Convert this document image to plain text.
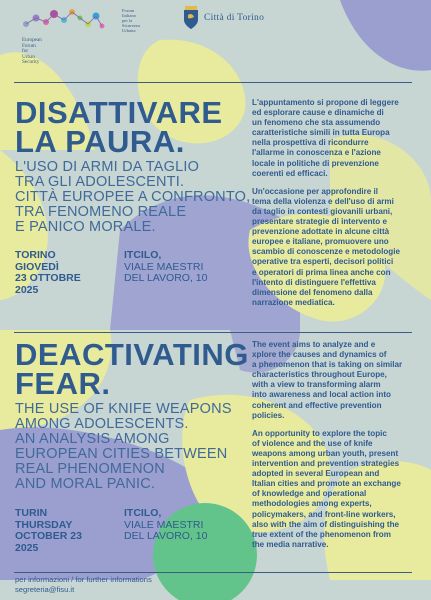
European
Forum
for
Urban
Security
Forum
Italiano
per la
Sicurezza
Urbana
Città di Torino
DISATTIVARE
LA PAURA.
L'USO DI ARMI DA TAGLIO
TRA GLI ADOLESCENTI.
CITTÀ EUROPEE A CONFRONTO,
TRA FENOMENO REALE
E PANICO MORALE.
TORINO
GIOVEDÌ
23 OTTOBRE
2025
ITCILO,
VIALE MAESTRI
DEL LAVORO, 10

L'appuntamento si propone di leggere
ed esplorare cause e dinamiche di
un fenomeno che sta assumendo
caratteristiche simili in tutta Europa
nella prospettiva di ricondurre
l'allarme in conoscenza e l'azione
locale in politiche di prevenzione
coerenti ed efficaci.

Un'occasione per approfondire il
tema della violenza e dell'uso di armi
da taglio in contesti giovanili urbani,
presentare strategie di intervento e
prevenzione adottate in alcune città
europee e italiane, promuovere uno
scambio di conoscenze e metodologie
operative tra esperti, decisori politici
e operatori di prima linea anche con
l'intento di distinguere l'effettiva
dimensione del fenomeno dalla
narrazione mediatica.

DEACTIVATING
FEAR.
THE USE OF KNIFE WEAPONS
AMONG ADOLESCENTS.
AN ANALYSIS AMONG
EUROPEAN CITIES BETWEEN
REAL PHENOMENON
AND MORAL PANIC.
TURIN
THURSDAY
OCTOBER 23
2025
ITCILO,
VIALE MAESTRI
DEL LAVORO, 10

The event aims to analyze and e
xplore the causes and dynamics of
a phenomenon that is taking on similar
characteristics throughout Europe,
with a view to transforming alarm
into awareness and local action into
coherent and effective prevention
policies.

An opportunity to explore the topic
of violence and the use of knife
weapons among urban youth, present
intervention and prevention strategies
adopted in several European and
Italian cities and promote an exchange
of knowledge and operational
methodologies among experts,
policymakers, and front-line workers,
also with the aim of distinguishing the
true extent of the phenomenon from
the media narrative.

per informazioni / for further informations
segreteria@fisu.it
